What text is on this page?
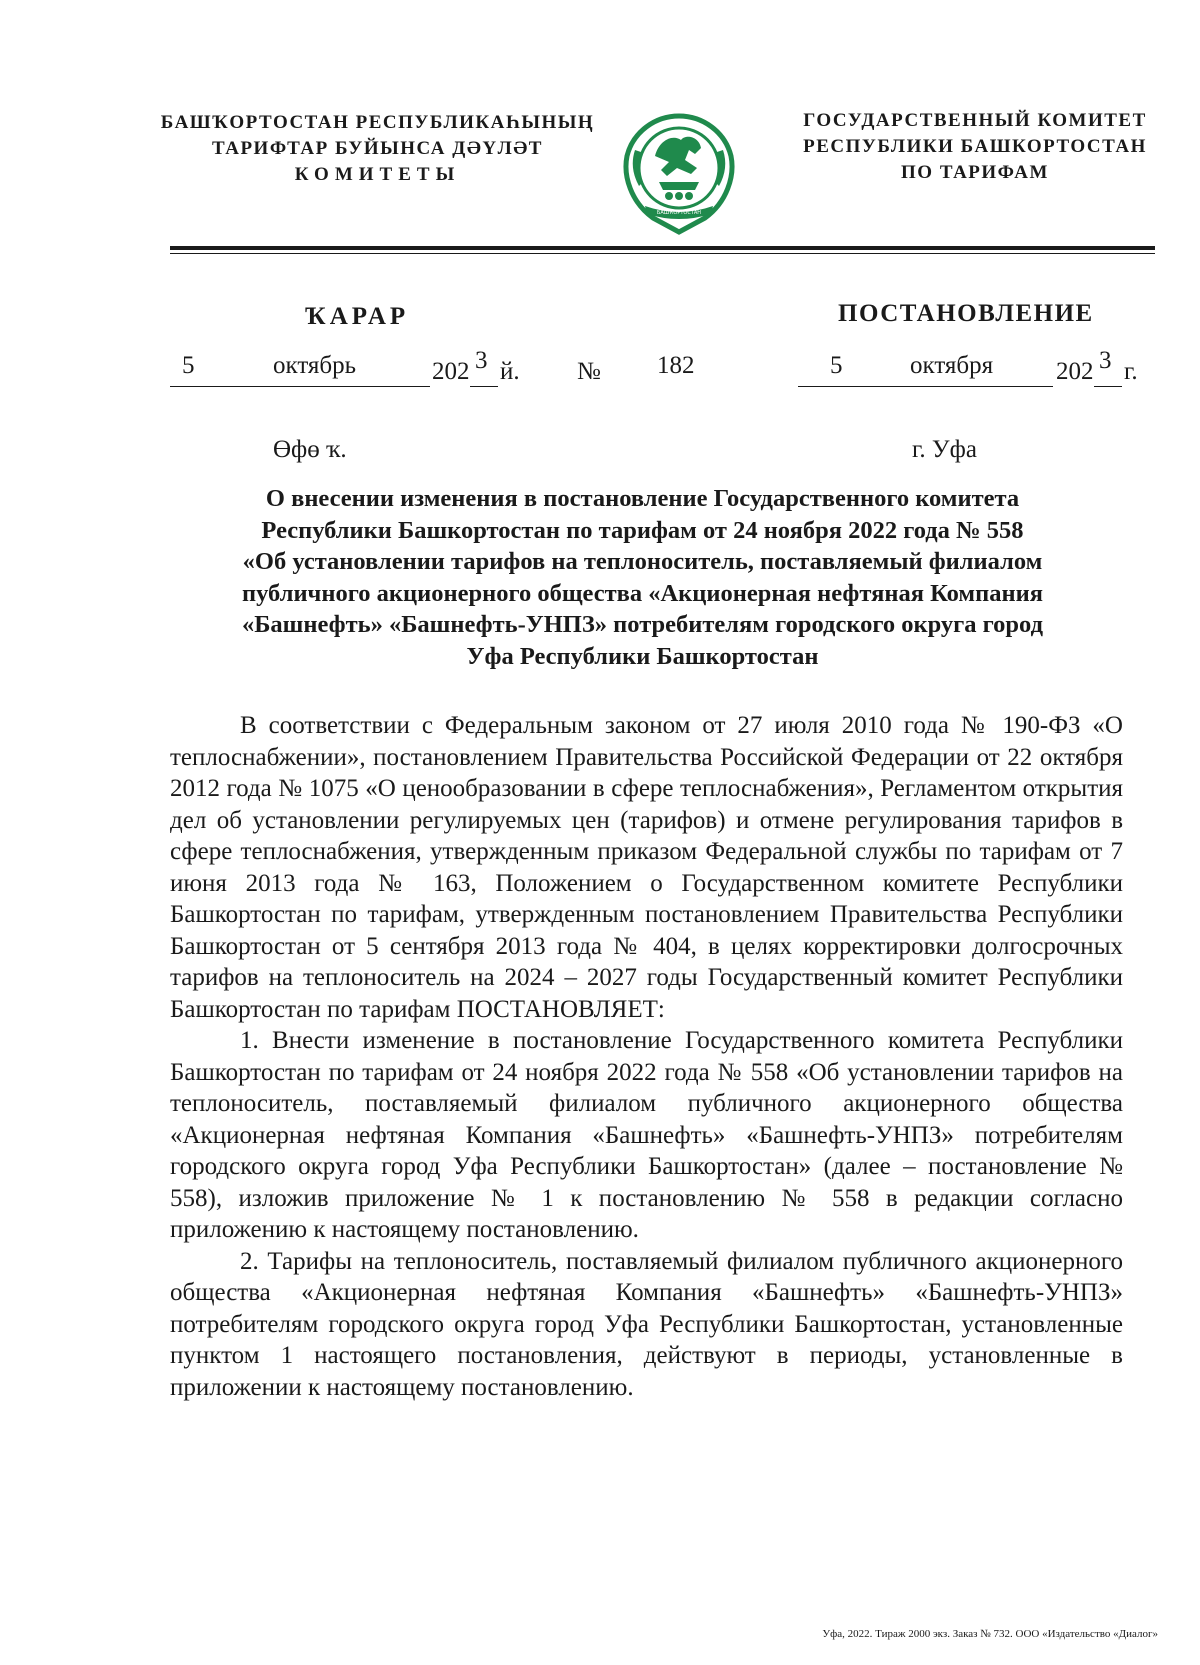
БАШҠОРТОСТАН РЕСПУБЛИКАҺЫНЫҢ
ТАРИФТАР БУЙЫНСА ДӘҮЛӘТ
КОМИТЕТЫ
БАШҠОРТОСТАН
ГОСУДАРСТВЕННЫЙ КОМИТЕТ
РЕСПУБЛИКИ БАШКОРТОСТАН
ПО ТАРИФАМ
ҠАРАР	ПОСТАНОВЛЕНИЕ
5	октябрь	202 3 й. № 182	5	октября	202 3 г.
Өфө ҡ.	г. Уфа
О внесении изменения в постановление Государственного комитета
Республики Башкортостан по тарифам от 24 ноября 2022 года № 558
«Об установлении тарифов на теплоноситель, поставляемый филиалом
публичного акционерного общества «Акционерная нефтяная Компания
«Башнефть» «Башнефть-УНПЗ» потребителям городского округа город
Уфа Республики Башкортостан

В соответствии с Федеральным законом от 27 июля 2010 года № 190-ФЗ «О теплоснабжении», постановлением Правительства Российской Федерации от 22 октября 2012 года № 1075 «О ценообразовании в сфере теплоснабжения», Регламентом открытия дел об установлении регулируемых цен (тарифов) и отмене регулирования тарифов в сфере теплоснабжения, утвержденным приказом Федеральной службы по тарифам от 7 июня 2013 года № 163, Положением о Государственном комитете Республики Башкортостан по тарифам, утвержденным постановлением Правительства Республики Башкортостан от 5 сентября 2013 года № 404, в целях корректировки долгосрочных тарифов на теплоноситель на 2024 – 2027 годы Государственный комитет Республики Башкортостан по тарифам ПОСТАНОВЛЯЕТ:

1. Внести изменение в постановление Государственного комитета Республики Башкортостан по тарифам от 24 ноября 2022 года № 558 «Об установлении тарифов на теплоноситель, поставляемый филиалом публичного акционерного общества «Акционерная нефтяная Компания «Башнефть» «Башнефть-УНПЗ» потребителям городского округа город Уфа Республики Башкортостан» (далее – постановление № 558), изложив приложение № 1 к постановлению № 558 в редакции согласно приложению к настоящему постановлению.

2. Тарифы на теплоноситель, поставляемый филиалом публичного акционерного общества «Акционерная нефтяная Компания «Башнефть» «Башнефть-УНПЗ» потребителям городского округа город Уфа Республики Башкортостан, установленные пунктом 1 настоящего постановления, действуют в периоды, установленные в приложении к настоящему постановлению.

Уфа, 2022. Тираж 2000 экз. Заказ № 732. ООО «Издательство «Диалог»
